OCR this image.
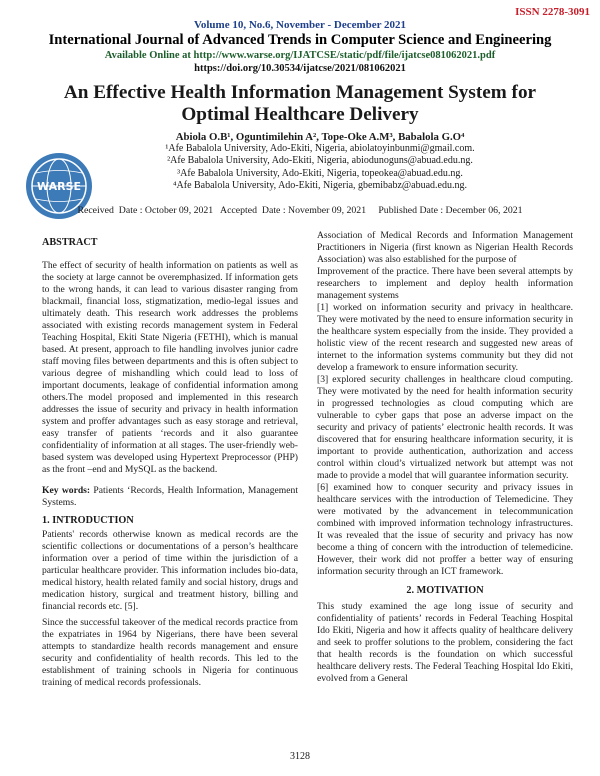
ISSN 2278-3091
Volume 10, No.6, November - December 2021
International Journal of Advanced Trends in Computer Science and Engineering
Available Online at http://www.warse.org/IJATCSE/static/pdf/file/ijatcse081062021.pdf
https://doi.org/10.30534/ijatcse/2021/081062021
An Effective Health Information Management System for Optimal Healthcare Delivery
WARSE
Abiola O.B¹, Oguntimilehin A², Tope-Oke A.M³, Babalola G.O⁴
¹Afe Babalola University, Ado-Ekiti, Nigeria, abiolatoyinbunmi@gmail.com.
²Afe Babalola University, Ado-Ekiti, Nigeria, abiodunoguns@abuad.edu.ng.
³Afe Babalola University, Ado-Ekiti, Nigeria, topeokea@abuad.edu.ng.
⁴Afe Babalola University, Ado-Ekiti, Nigeria, gbemibabz@abuad.edu.ng.
Received  Date : October 09, 2021   Accepted  Date : November 09, 2021     Published Date : December 06, 2021
ABSTRACT

The effect of security of health information on patients as well as the society at large cannot be overemphasized. If information gets to the wrong hands, it can lead to various disaster ranging from blackmail, financial loss, stigmatization, medio-legal issues and ultimately death. This research work addresses the problems associated with existing records management system in Federal Teaching Hospital, Ekiti State Nigeria (FETHI), which is manual based. At present, approach to file handling involves junior cadre staff moving files between departments and this is often subject to various degree of mishandling which could lead to loss of important documents, leakage of confidential information among others.The model proposed and implemented in this research addresses the issue of security and privacy in health information system and proffer advantages such as easy storage and retrieval, easy transfer of patients ‘records and it also guarantee confidentiality of information at all stages. The user-friendly web-based system was developed using Hypertext Preprocessor (PHP) as the front –end and MySQL as the backend.

Key words: Patients ‘Records, Health Information, Management Systems.

1. INTRODUCTION

Patients' records otherwise known as medical records are the scientific collections or documentations of a person’s healthcare information over a period of time within the jurisdiction of a particular healthcare provider. This information includes bio-data, medical history, health related family and social history, drugs and medication history, surgical and treatment history, billing and financial records etc. [5].

Since the successful takeover of the medical records practice from the expatriates in 1964 by Nigerians, there have been several attempts to standardize health records management and ensure security and confidentiality of health records. This led to the establishment of training schools in Nigeria for continuous training of medical records professionals.

Association of Medical Records and Information Management Practitioners in Nigeria (first known as Nigerian Health Records Association) was also established for the purpose of

Improvement of the practice. There have been several attempts by researchers to implement and deploy health information management systems

[1] worked on information security and privacy in healthcare. They were motivated by the need to ensure information security in the healthcare system especially from the inside. They provided a holistic view of the recent research and suggested new areas of internet to the information systems community but they did not develop a framework to ensure information security.

[3] explored security challenges in healthcare cloud computing. They were motivated by the need for health information security in progressed technologies as cloud computing which are vulnerable to cyber gaps that pose an adverse impact on the security and privacy of patients’ electronic health records. It was discovered that for ensuring healthcare information security, it is important to provide authentication, authorization and access control within cloud’s virtualized network but attempt was not made to provide a model that will guarantee information security.

[6] examined how to conquer security and privacy issues in healthcare services with the introduction of Telemedicine. They were motivated by the advancement in telecommunication combined with improved information technology infrastructures. It was revealed that the issue of security and privacy has now become a thing of concern with the introduction of telemedicine. However, their work did not proffer a better way of ensuring information security through an ICT framework.

2. MOTIVATION

This study examined the age long issue of security and confidentiality of patients’ records in Federal Teaching Hospital Ido Ekiti, Nigeria and how it affects quality of healthcare delivery and seek to proffer solutions to the problem, considering the fact that health records is the foundation on which successful healthcare delivery rests. The Federal Teaching Hospital Ido Ekiti, evolved from a General

3128
